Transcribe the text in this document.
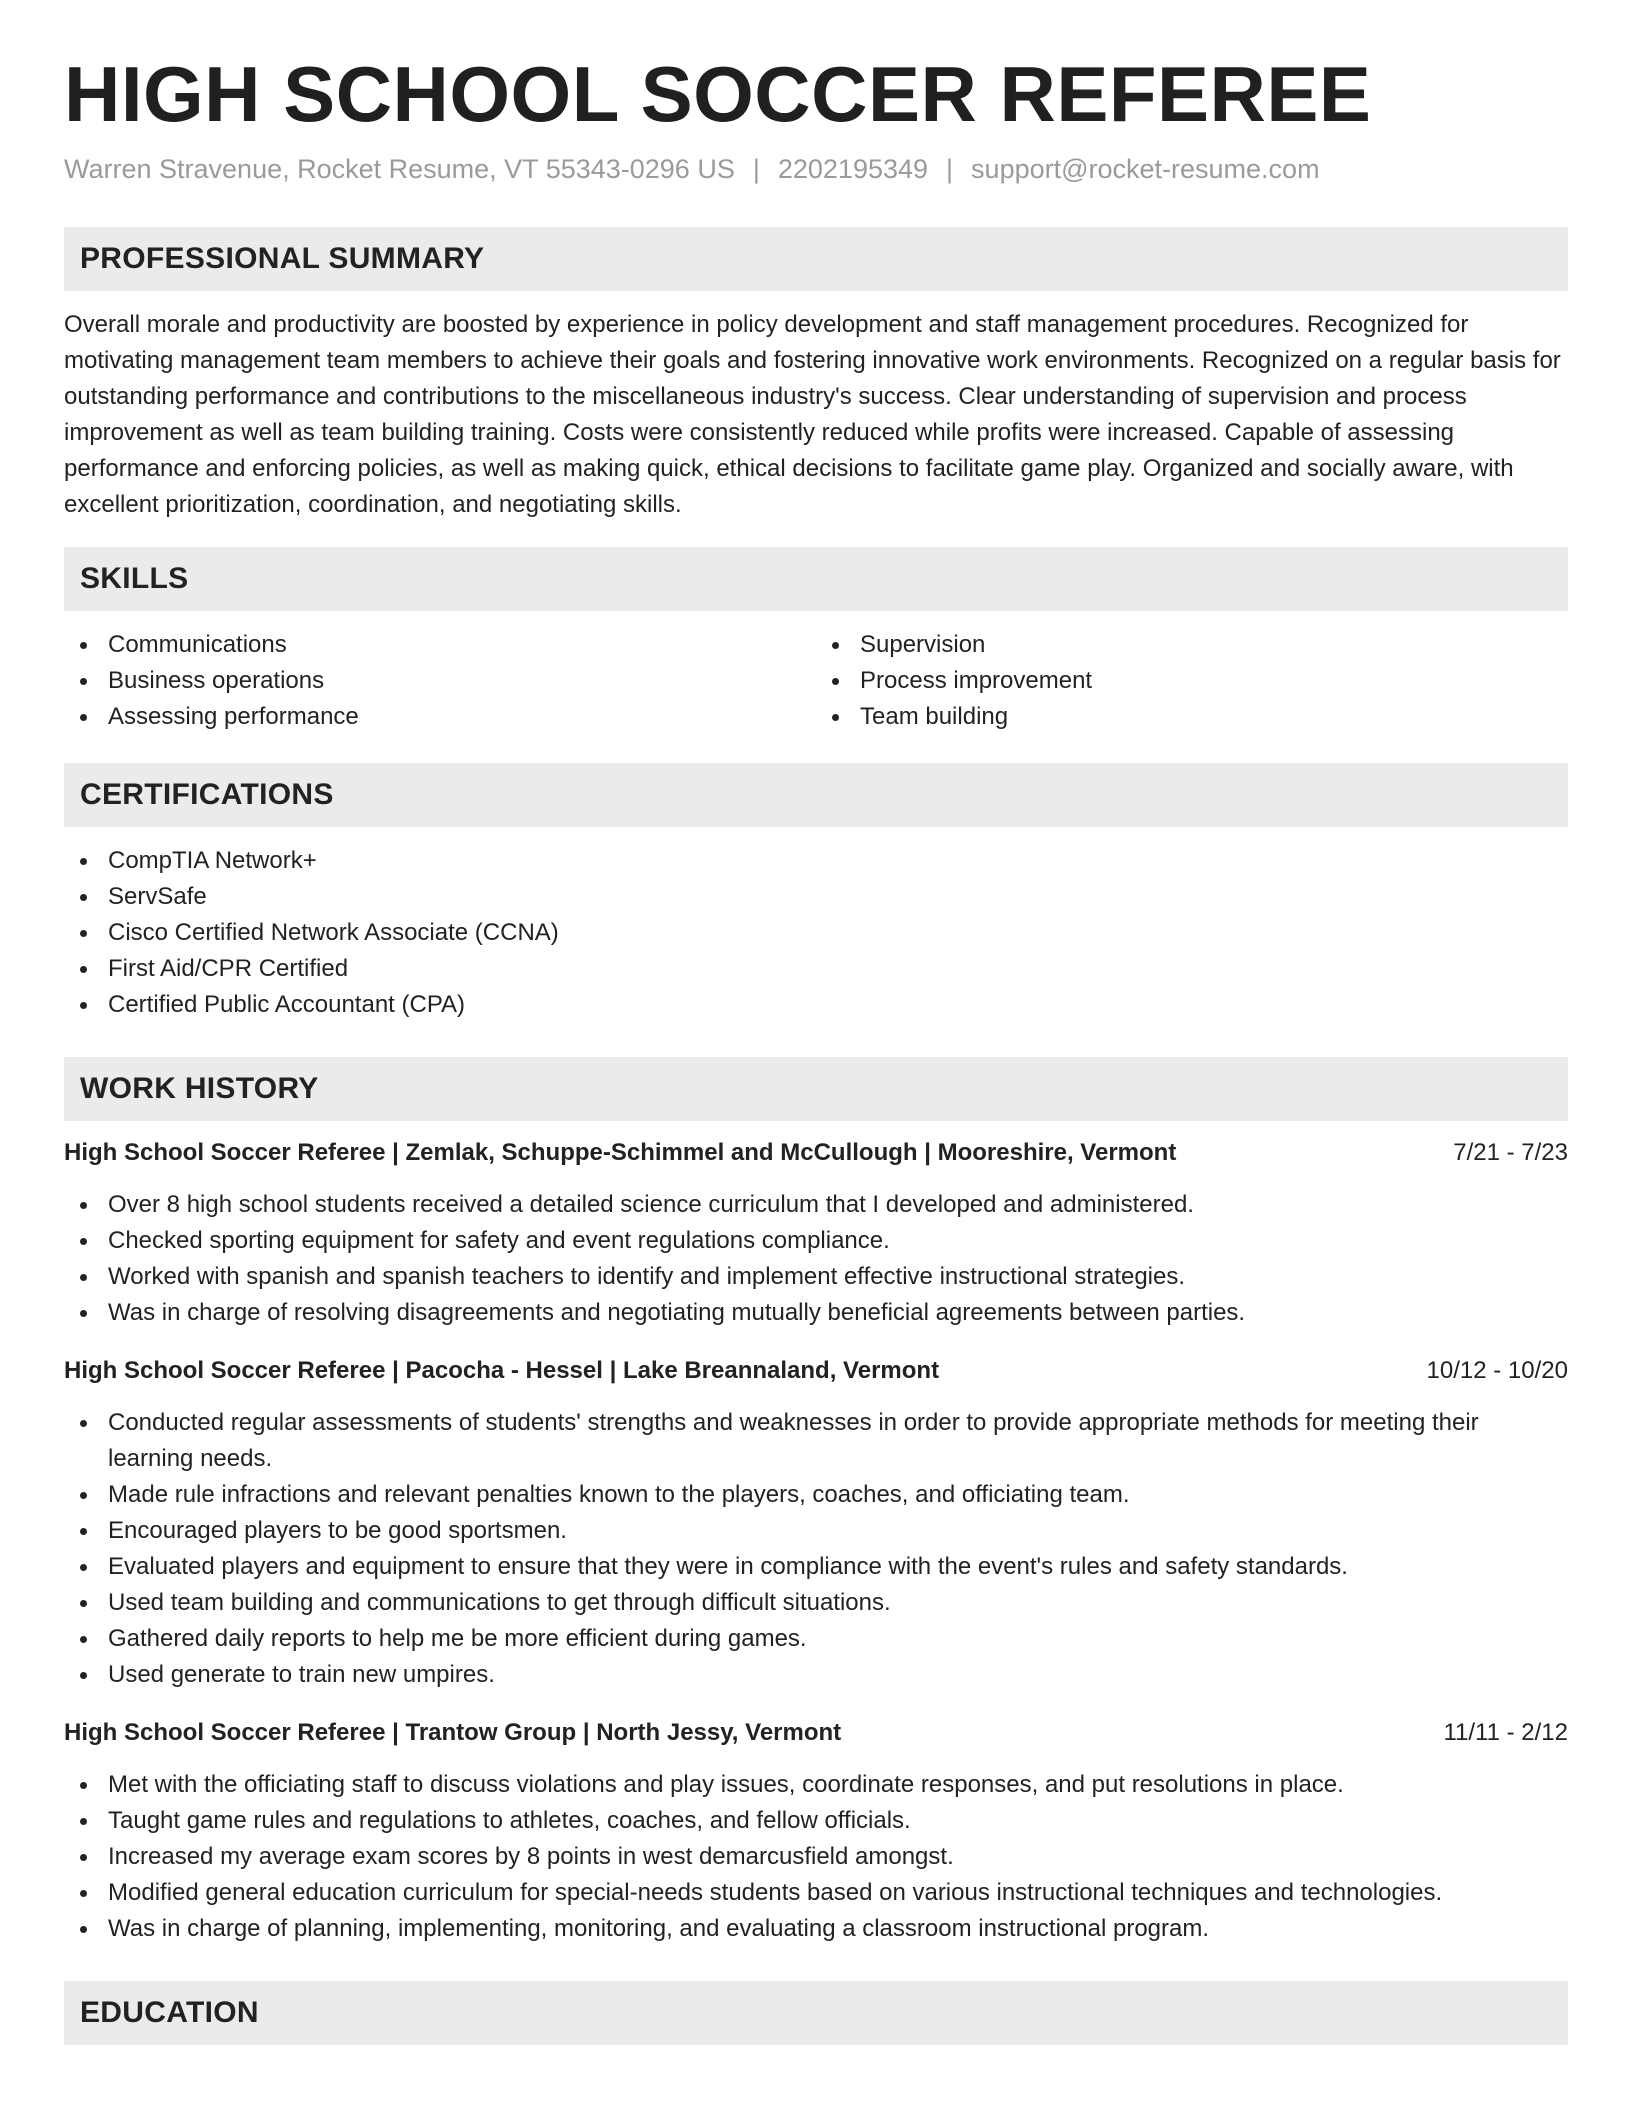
HIGH SCHOOL SOCCER REFEREE
Warren Stravenue, Rocket Resume, VT 55343-0296 US | 2202195349 | support@rocket-resume.com
PROFESSIONAL SUMMARY

Overall morale and productivity are boosted by experience in policy development and staff management procedures. Recognized for motivating management team members to achieve their goals and fostering innovative work environments. Recognized on a regular basis for outstanding performance and contributions to the miscellaneous industry's success. Clear understanding of supervision and process improvement as well as team building training. Costs were consistently reduced while profits were increased. Capable of assessing performance and enforcing policies, as well as making quick, ethical decisions to facilitate game play. Organized and socially aware, with excellent prioritization, coordination, and negotiating skills.

SKILLS
Communications
Business operations
Assessing performance
Supervision
Process improvement
Team building
CERTIFICATIONS
CompTIA Network+
ServSafe
Cisco Certified Network Associate (CCNA)
First Aid/CPR Certified
Certified Public Accountant (CPA)
WORK HISTORY
High School Soccer Referee | Zemlak, Schuppe-Schimmel and McCullough | Mooreshire, Vermont	7/21 - 7/23
Over 8 high school students received a detailed science curriculum that I developed and administered.
Checked sporting equipment for safety and event regulations compliance.
Worked with spanish and spanish teachers to identify and implement effective instructional strategies.
Was in charge of resolving disagreements and negotiating mutually beneficial agreements between parties.
High School Soccer Referee | Pacocha - Hessel | Lake Breannaland, Vermont	10/12 - 10/20
Conducted regular assessments of students' strengths and weaknesses in order to provide appropriate methods for meeting their learning needs.
Made rule infractions and relevant penalties known to the players, coaches, and officiating team.
Encouraged players to be good sportsmen.
Evaluated players and equipment to ensure that they were in compliance with the event's rules and safety standards.
Used team building and communications to get through difficult situations.
Gathered daily reports to help me be more efficient during games.
Used generate to train new umpires.
High School Soccer Referee | Trantow Group | North Jessy, Vermont	11/11 - 2/12
Met with the officiating staff to discuss violations and play issues, coordinate responses, and put resolutions in place.
Taught game rules and regulations to athletes, coaches, and fellow officials.
Increased my average exam scores by 8 points in west demarcusfield amongst.
Modified general education curriculum for special-needs students based on various instructional techniques and technologies.
Was in charge of planning, implementing, monitoring, and evaluating a classroom instructional program.
EDUCATION
